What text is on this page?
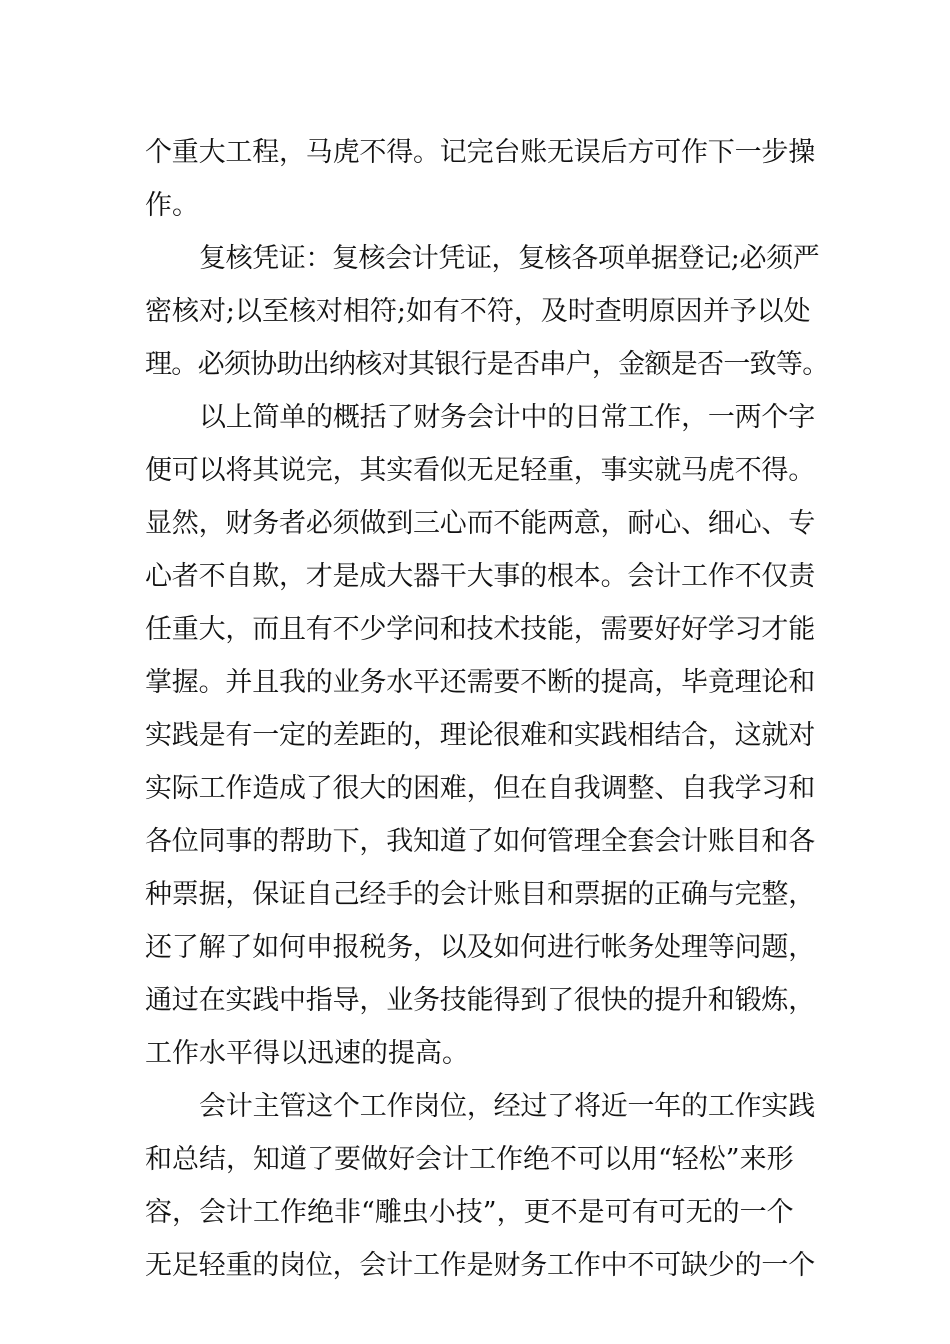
个重大工程，马虎不得。记完台账无误后方可作下一步操
作。
复核凭证：复核会计凭证，复核各项单据登记;必须严
密核对;以至核对相符;如有不符，及时查明原因并予以处
理。必须协助出纳核对其银行是否串户，金额是否一致等。
以上简单的概括了财务会计中的日常工作，一两个字
便可以将其说完，其实看似无足轻重，事实就马虎不得。
显然，财务者必须做到三心而不能两意，耐心、细心、专
心者不自欺，才是成大器干大事的根本。会计工作不仅责
任重大，而且有不少学问和技术技能，需要好好学习才能
掌握。并且我的业务水平还需要不断的提高，毕竟理论和
实践是有一定的差距的，理论很难和实践相结合，这就对
实际工作造成了很大的困难，但在自我调整、自我学习和
各位同事的帮助下，我知道了如何管理全套会计账目和各
种票据，保证自己经手的会计账目和票据的正确与完整，
还了解了如何申报税务，以及如何进行帐务处理等问题，
通过在实践中指导，业务技能得到了很快的提升和锻炼，
工作水平得以迅速的提高。
会计主管这个工作岗位，经过了将近一年的工作实践
和总结，知道了要做好会计工作绝不可以用“轻松”来形
容，会计工作绝非“雕虫小技”，更不是可有可无的一个
无足轻重的岗位，会计工作是财务工作中不可缺少的一个
